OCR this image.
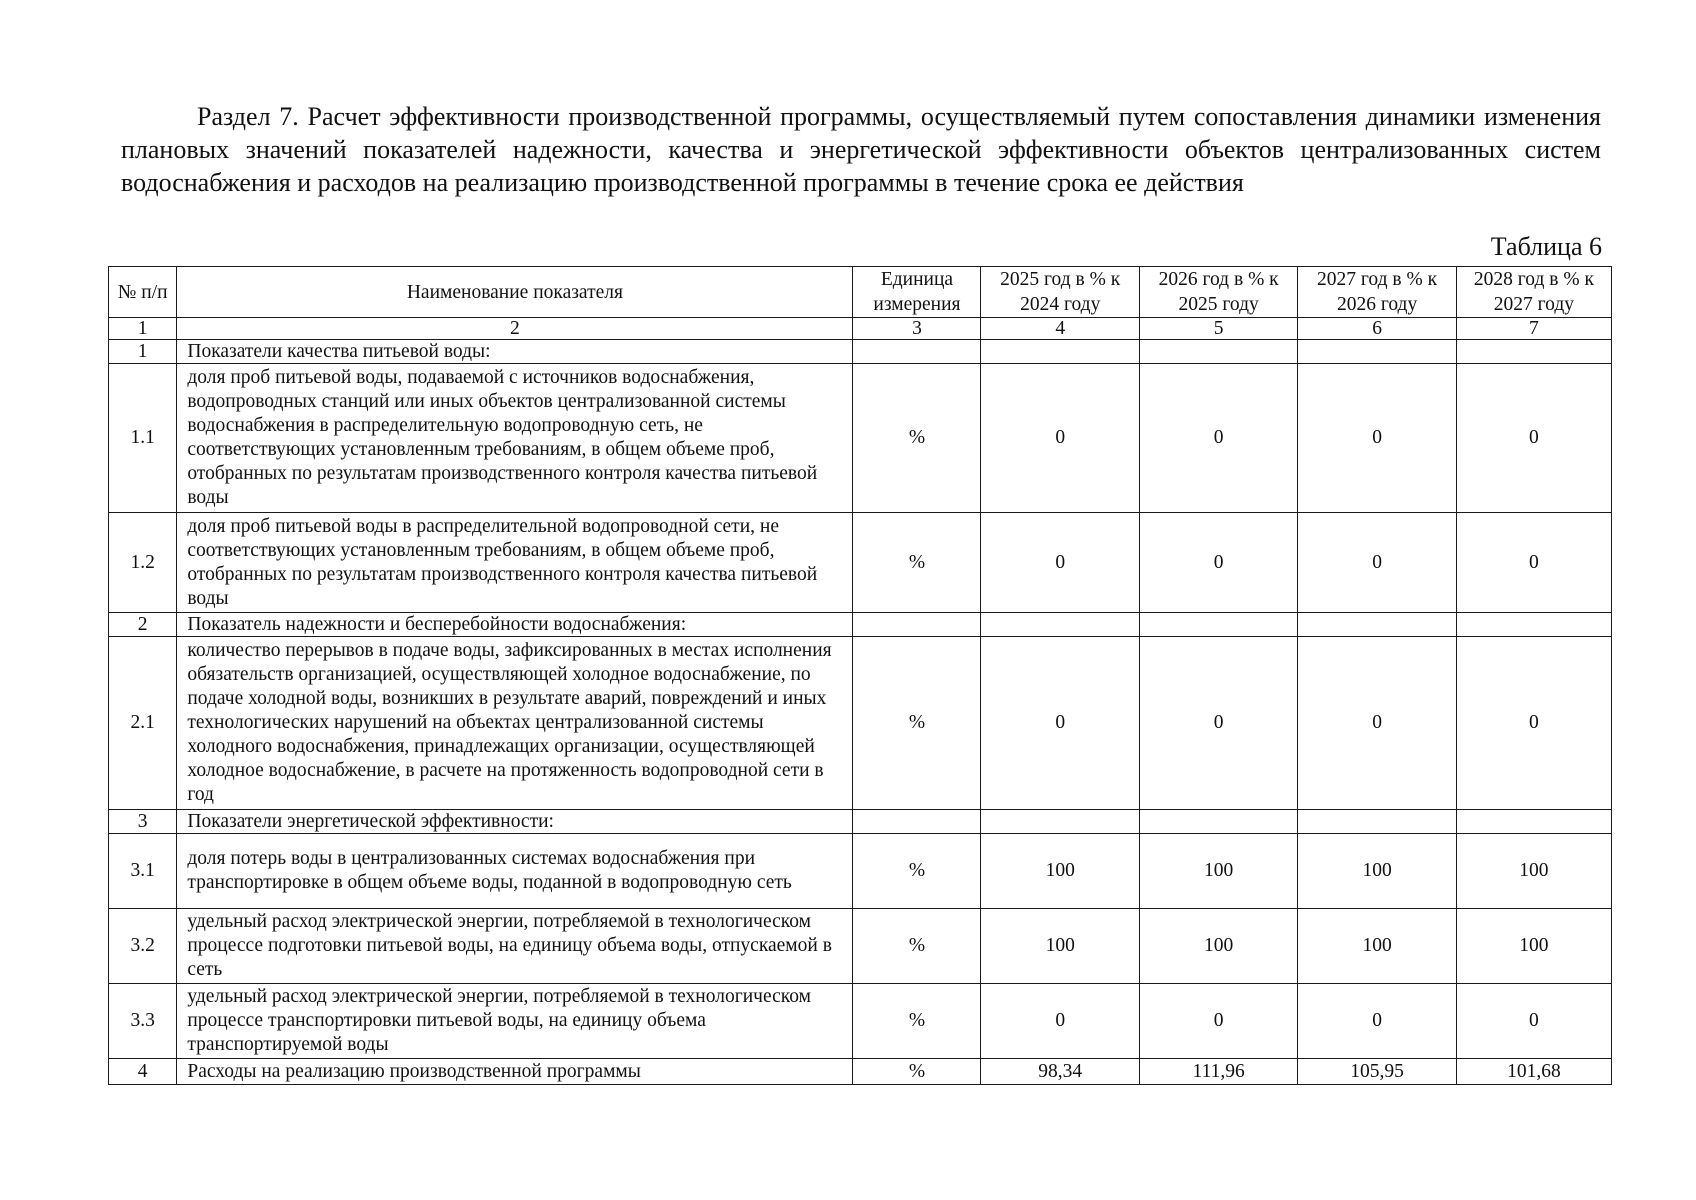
Раздел 7. Расчет эффективности производственной программы, осуществляемый путем сопоставления динамики изменения плановых значений показателей надежности, качества и энергетической эффективности объектов централизованных систем водоснабжения и расходов на реализацию производственной программы в течение срока ее действия
Таблица 6
№ п/п	Наименование показателя	Единица измерения	2025 год в % к 2024 году	2026 год в % к 2025 году	2027 год в % к 2026 году	2028 год в % к 2027 году
1	2	3	4	5	6	7
1	Показатели качества питьевой воды:					
1.1	доля проб питьевой воды, подаваемой с источников водоснабжения, водопроводных станций или иных объектов централизованной системы водоснабжения в распределительную водопроводную сеть, не соответствующих установленным требованиям, в общем объеме проб, отобранных по результатам производственного контроля качества питьевой воды	%	0	0	0	0
1.2	доля проб питьевой воды в распределительной водопроводной сети, не соответствующих установленным требованиям, в общем объеме проб, отобранных по результатам производственного контроля качества питьевой воды	%	0	0	0	0
2	Показатель надежности и бесперебойности водоснабжения:					
2.1	количество перерывов в подаче воды, зафиксированных в местах исполнения обязательств организацией, осуществляющей холодное водоснабжение, по подаче холодной воды, возникших в результате аварий, повреждений и иных технологических нарушений на объектах централизованной системы холодного водоснабжения, принадлежащих организации, осуществляющей холодное водоснабжение, в расчете на протяженность водопроводной сети в год	%	0	0	0	0
3	Показатели энергетической эффективности:					
3.1	доля потерь воды в централизованных системах водоснабжения при транспортировке в общем объеме воды, поданной в водопроводную сеть	%	100	100	100	100
3.2	удельный расход электрической энергии, потребляемой в технологическом процессе подготовки питьевой воды, на единицу объема воды, отпускаемой в сеть	%	100	100	100	100
3.3	удельный расход электрической энергии, потребляемой в технологическом процессе транспортировки питьевой воды, на единицу объема транспортируемой воды	%	0	0	0	0
4	Расходы на реализацию производственной программы	%	98,34	111,96	105,95	101,68
